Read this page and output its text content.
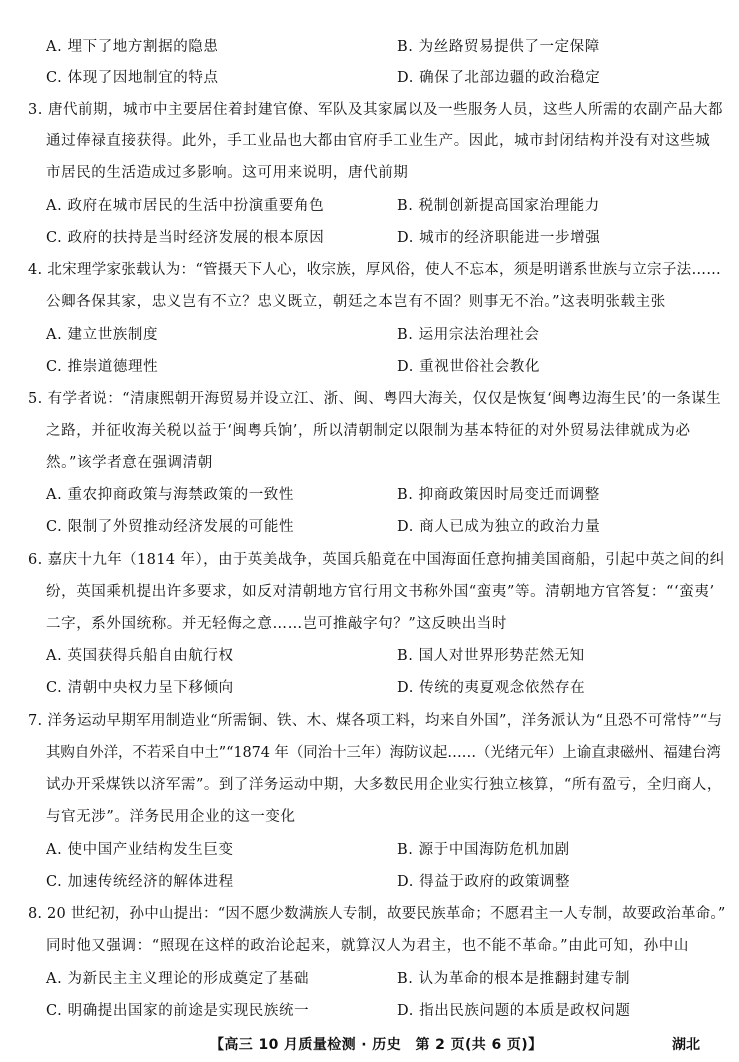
A. 埋下了地方割据的隐患	B. 为丝路贸易提供了一定保障
C. 体现了因地制宜的特点	D. 确保了北部边疆的政治稳定
3. 唐代前期，城市中主要居住着封建官僚、军队及其家属以及一些服务人员，这些人所需的农副产品大都
通过俸禄直接获得。此外，手工业品也大都由官府手工业生产。因此，城市封闭结构并没有对这些城
市居民的生活造成过多影响。这可用来说明，唐代前期
A. 政府在城市居民的生活中扮演重要角色	B. 税制创新提高国家治理能力
C. 政府的扶持是当时经济发展的根本原因	D. 城市的经济职能进一步增强
4. 北宋理学家张载认为：“管摄天下人心，收宗族，厚风俗，使人不忘本，须是明谱系世族与立宗子法……
公卿各保其家，忠义岂有不立？忠义既立，朝廷之本岂有不固？则事无不治。”这表明张载主张
A. 建立世族制度	B. 运用宗法治理社会
C. 推崇道德理性	D. 重视世俗社会教化
5. 有学者说：“清康熙朝开海贸易并设立江、浙、闽、粤四大海关，仅仅是恢复‘闽粤边海生民’的一条谋生
之路，并征收海关税以益于‘闽粤兵饷’，所以清朝制定以限制为基本特征的对外贸易法律就成为必
然。”该学者意在强调清朝
A. 重农抑商政策与海禁政策的一致性	B. 抑商政策因时局变迁而调整
C. 限制了外贸推动经济发展的可能性	D. 商人已成为独立的政治力量
6. 嘉庆十九年（1814 年），由于英美战争，英国兵船竟在中国海面任意拘捕美国商船，引起中英之间的纠
纷，英国乘机提出许多要求，如反对清朝地方官行用文书称外国“蛮夷”等。清朝地方官答复：“‘蛮夷’
二字，系外国统称。并无轻侮之意……岂可推敲字句？”这反映出当时
A. 英国获得兵船自由航行权	B. 国人对世界形势茫然无知
C. 清朝中央权力呈下移倾向	D. 传统的夷夏观念依然存在
7. 洋务运动早期军用制造业“所需铜、铁、木、煤各项工料，均来自外国”，洋务派认为“且恐不可常恃”“与
其购自外洋，不若采自中土”“1874 年（同治十三年）海防议起……（光绪元年）上谕直隶磁州、福建台湾
试办开采煤铁以济军需”。到了洋务运动中期，大多数民用企业实行独立核算，“所有盈亏，全归商人，
与官无涉”。洋务民用企业的这一变化
A. 使中国产业结构发生巨变	B. 源于中国海防危机加剧
C. 加速传统经济的解体进程	D. 得益于政府的政策调整
8. 20 世纪初，孙中山提出：“因不愿少数满族人专制，故要民族革命；不愿君主一人专制，故要政治革命。”
同时他又强调：“照现在这样的政治论起来，就算汉人为君主，也不能不革命。”由此可知，孙中山
A. 为新民主主义理论的形成奠定了基础	B. 认为革命的根本是推翻封建专制
C. 明确提出国家的前途是实现民族统一	D. 指出民族问题的本质是政权问题
【高三 10 月质量检测 · 历史　第 2 页(共 6 页)】	湖北
